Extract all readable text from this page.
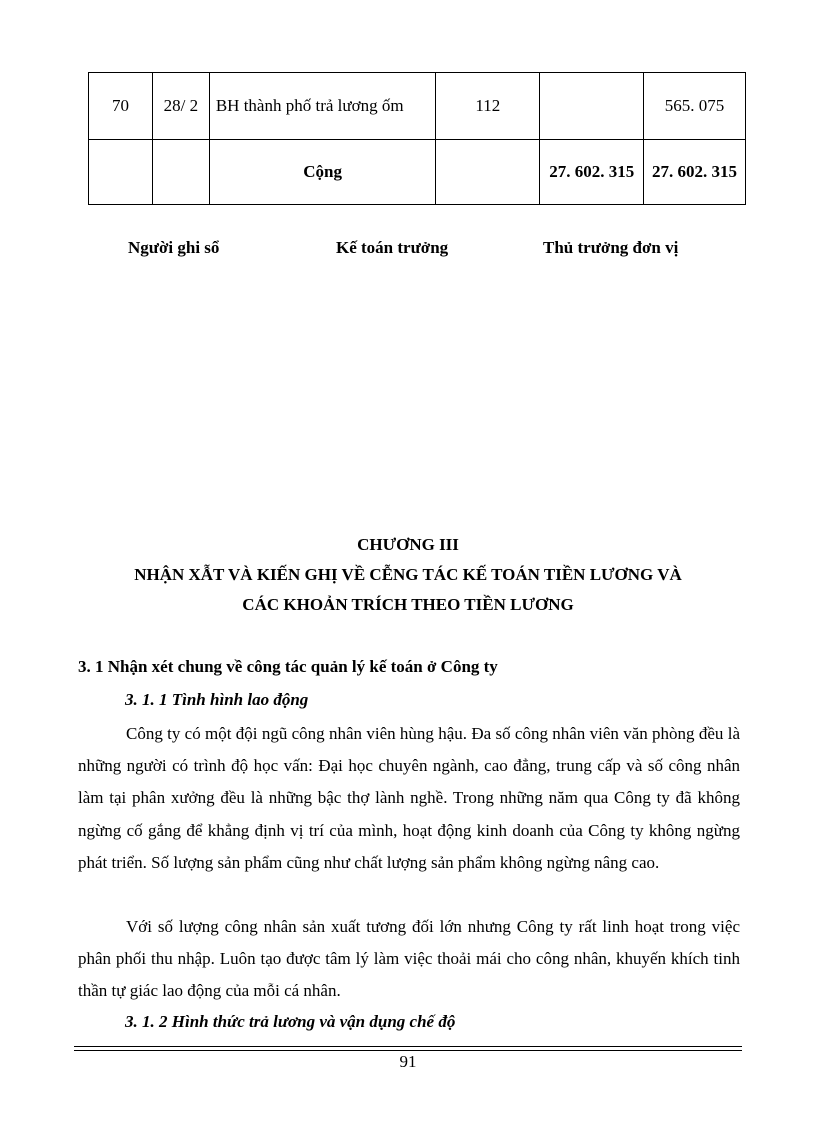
70	28/ 2	BH thành phố trả lương ốm	112		565. 075
		Cộng		27. 602. 315	27. 602. 315
Người ghi sổ	Kế toán trưởng	Thủ trưởng đơn vị
CHƯƠNG III
NHẬN XẪT VÀ KIẾN GHỊ VỀ CỄNG TÁC KẾ TOÁN TIỀN LƯƠNG VÀ
CÁC KHOẢN TRÍCH THEO TIỀN LƯƠNG
3. 1 Nhận xét chung về công tác quản lý kế toán ở Công ty
3. 1. 1 Tình hình lao động
Công ty có một đội ngũ công nhân viên hùng hậu. Đa số công nhân viên văn phòng đều là những người có trình độ học vấn: Đại học chuyên ngành, cao đẳng, trung cấp và số công nhân làm tại phân xưởng đều là những bậc thợ lành nghề. Trong những năm qua Công ty đã không ngừng cố gắng để khẳng định vị trí của mình, hoạt động kinh doanh của Công ty không ngừng phát triển. Số lượng sản phẩm cũng như chất lượng sản phẩm không ngừng nâng cao.
Với số lượng công nhân sản xuất tương đối lớn nhưng Công ty rất linh hoạt trong việc phân phối thu nhập. Luôn tạo được tâm lý làm việc thoải mái cho công nhân, khuyến khích tinh thần tự giác lao động của mỗi cá nhân.
3. 1. 2 Hình thức trả lương và vận dụng chế độ
91
